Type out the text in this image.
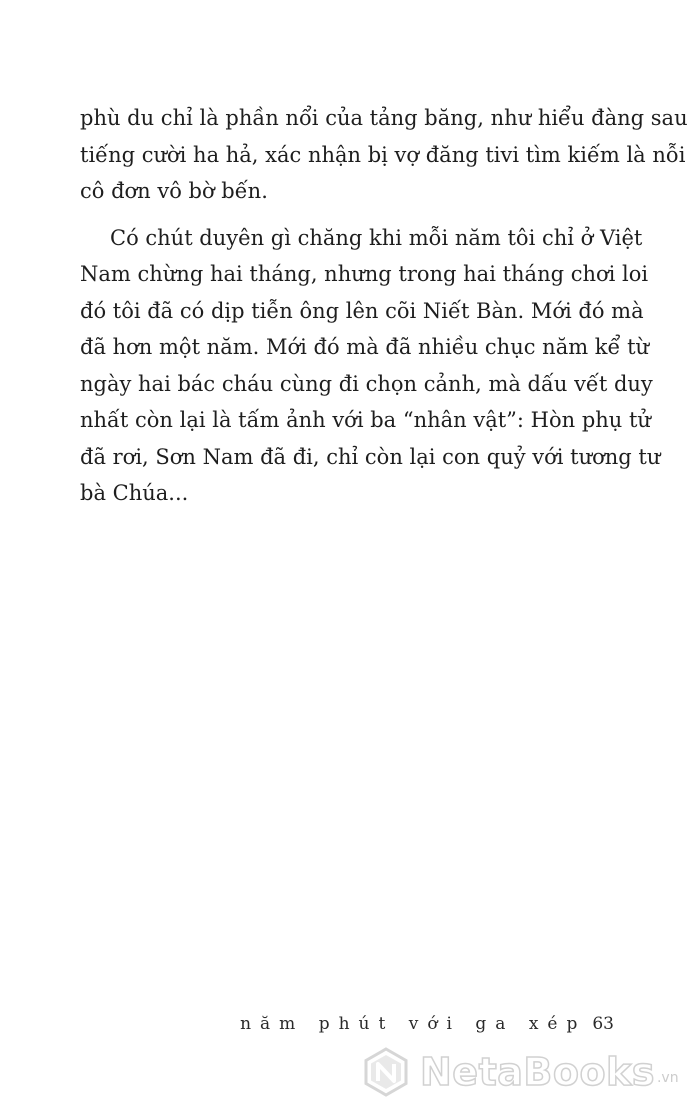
phù du chỉ là phần nổi của tảng băng, như hiểu đàng sau
tiếng cười ha hả, xác nhận bị vợ đăng tivi tìm kiếm là nỗi
cô đơn vô bờ bến.
Có chút duyên gì chăng khi mỗi năm tôi chỉ ở Việt
Nam chừng hai tháng, nhưng trong hai tháng chơi loi
đó tôi đã có dịp tiễn ông lên cõi Niết Bàn. Mới đó mà
đã hơn một năm. Mới đó mà đã nhiều chục năm kể từ
ngày hai bác cháu cùng đi chọn cảnh, mà dấu vết duy
nhất còn lại là tấm ảnh với ba “nhân vật”: Hòn phụ tử
đã rơi, Sơn Nam đã đi, chỉ còn lại con quỷ với tương tư
bà Chúa...
năm phút với ga xép 63
NetaBooks .vn
